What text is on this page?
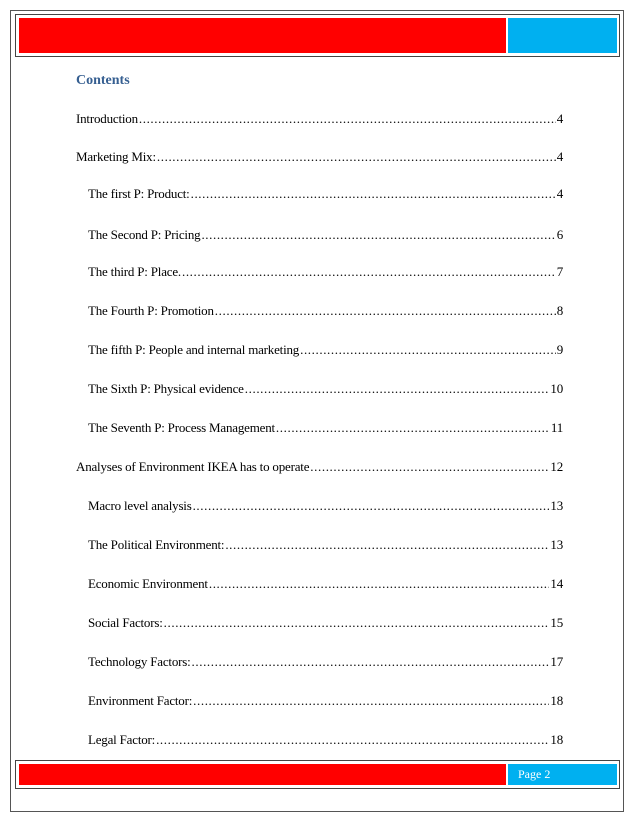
Contents
Introduction .....	4
Marketing Mix: .....	4
The first P: Product: .....	4
The Second P: Pricing .....	6
The third P: Place. .....	7
The Fourth P: Promotion .....	8
The fifth P: People and internal marketing .....	9
The Sixth P: Physical evidence .....	10
The Seventh P: Process Management .....	11
Analyses of Environment IKEA has to operate .....	12
Macro level analysis .....	13
The Political Environment: .....	13
Economic Environment .....	14
Social Factors: .....	15
Technology Factors: .....	17
Environment Factor: .....	18
Legal Factor: .....	18
Page 2
